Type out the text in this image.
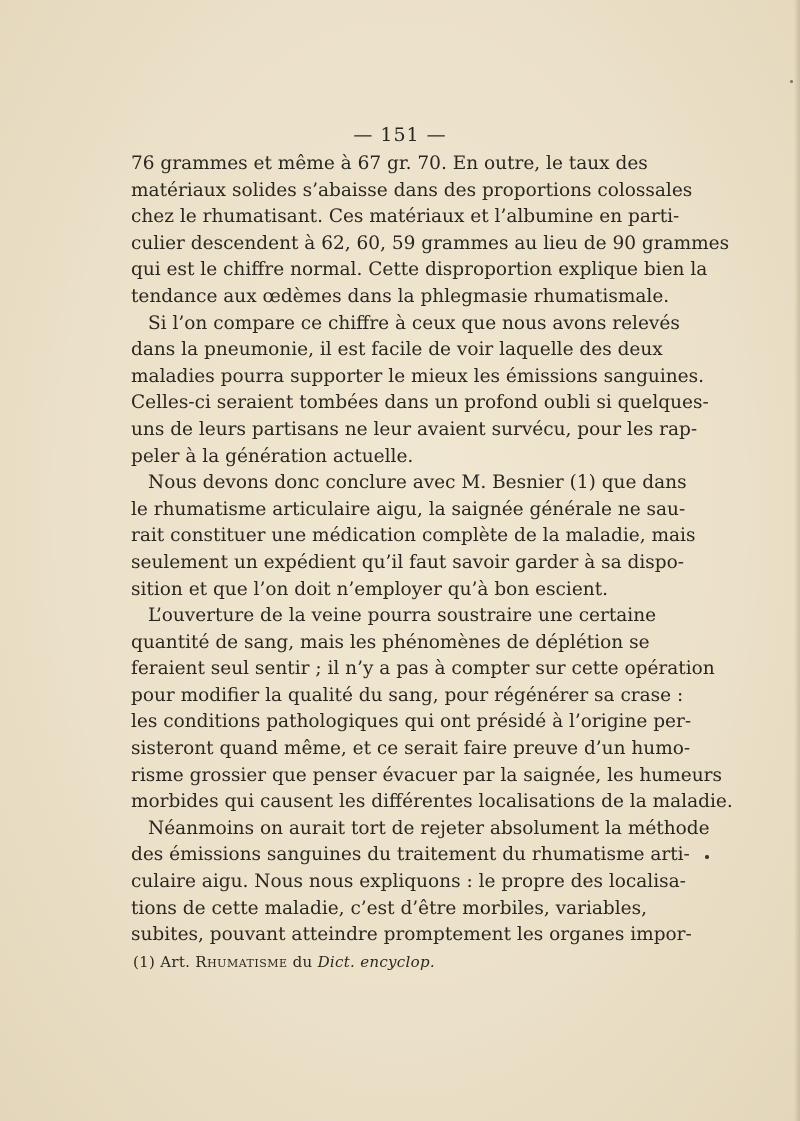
— 151 —
76 grammes et même à 67 gr. 70. En outre, le taux des
matériaux solides s’abaisse dans des proportions colossales
chez le rhumatisant. Ces matériaux et l’albumine en parti-
culier descendent à 62, 60, 59 grammes au lieu de 90 grammes
qui est le chiffre normal. Cette disproportion explique bien la
tendance aux œdèmes dans la phlegmasie rhumatismale.
Si l’on compare ce chiffre à ceux que nous avons relevés
dans la pneumonie, il est facile de voir laquelle des deux
maladies pourra supporter le mieux les émissions sanguines.
Celles-ci seraient tombées dans un profond oubli si quelques-
uns de leurs partisans ne leur avaient survécu, pour les rap-
peler à la génération actuelle.
Nous devons donc conclure avec M. Besnier (1) que dans
le rhumatisme articulaire aigu, la saignée générale ne sau-
rait constituer une médication complète de la maladie, mais
seulement un expédient qu’il faut savoir garder à sa dispo-
sition et que l’on doit n’employer qu’à bon escient.
L’ouverture de la veine pourra soustraire une certaine
quantité de sang, mais les phénomènes de déplétion se
feraient seul sentir ; il n’y a pas à compter sur cette opération
pour modifier la qualité du sang, pour régénérer sa crase :
les conditions pathologiques qui ont présidé à l’origine per-
sisteront quand même, et ce serait faire preuve d’un humo-
risme grossier que penser évacuer par la saignée, les humeurs
morbides qui causent les différentes localisations de la maladie.
Néanmoins on aurait tort de rejeter absolument la méthode
des émissions sanguines du traitement du rhumatisme arti-
culaire aigu. Nous nous expliquons : le propre des localisa-
tions de cette maladie, c’est d’être morbiles, variables,
subites, pouvant atteindre promptement les organes impor-
(1) Art. Rhumatisme du Dict. encyclop.
